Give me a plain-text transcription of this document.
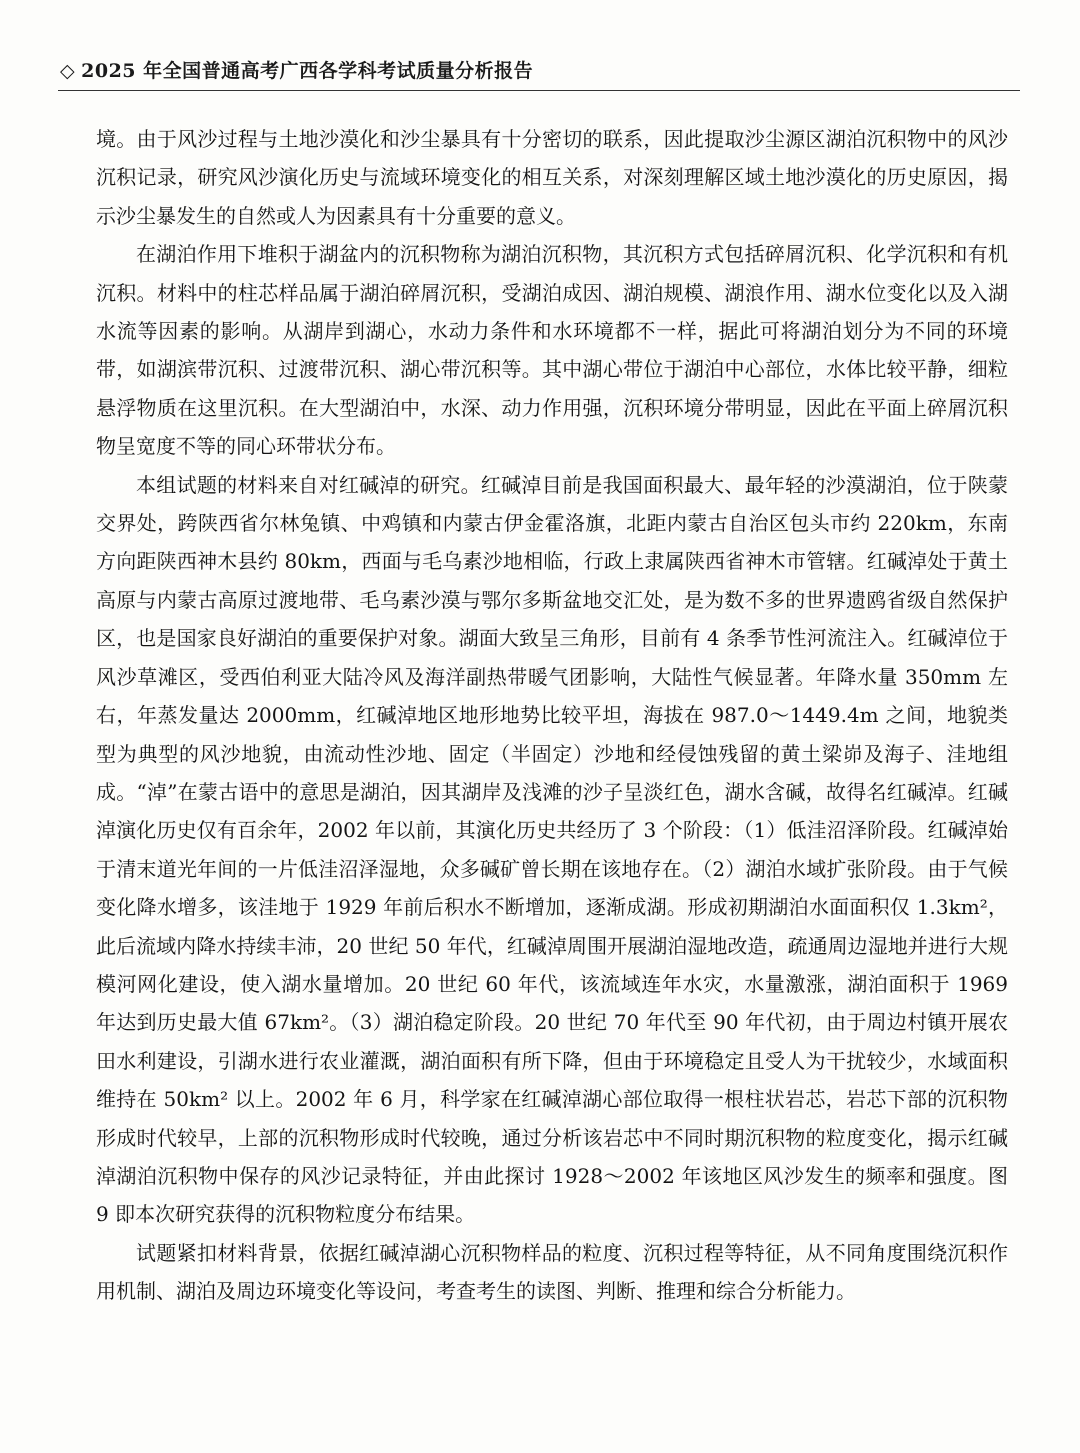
◇ 2025 年全国普通高考广西各学科考试质量分析报告

境。由于风沙过程与土地沙漠化和沙尘暴具有十分密切的联系，因此提取沙尘源区湖泊沉积物中的风沙沉积记录，研究风沙演化历史与流域环境变化的相互关系，对深刻理解区域土地沙漠化的历史原因，揭示沙尘暴发生的自然或人为因素具有十分重要的意义。

在湖泊作用下堆积于湖盆内的沉积物称为湖泊沉积物，其沉积方式包括碎屑沉积、化学沉积和有机沉积。材料中的柱芯样品属于湖泊碎屑沉积，受湖泊成因、湖泊规模、湖浪作用、湖水位变化以及入湖水流等因素的影响。从湖岸到湖心，水动力条件和水环境都不一样，据此可将湖泊划分为不同的环境带，如湖滨带沉积、过渡带沉积、湖心带沉积等。其中湖心带位于湖泊中心部位，水体比较平静，细粒悬浮物质在这里沉积。在大型湖泊中，水深、动力作用强，沉积环境分带明显，因此在平面上碎屑沉积物呈宽度不等的同心环带状分布。

本组试题的材料来自对红碱淖的研究。红碱淖目前是我国面积最大、最年轻的沙漠湖泊，位于陕蒙交界处，跨陕西省尔林兔镇、中鸡镇和内蒙古伊金霍洛旗，北距内蒙古自治区包头市约 220km，东南方向距陕西神木县约 80km，西面与毛乌素沙地相临，行政上隶属陕西省神木市管辖。红碱淖处于黄土高原与内蒙古高原过渡地带、毛乌素沙漠与鄂尔多斯盆地交汇处，是为数不多的世界遗鸥省级自然保护区，也是国家良好湖泊的重要保护对象。湖面大致呈三角形，目前有 4 条季节性河流注入。红碱淖位于风沙草滩区，受西伯利亚大陆冷风及海洋副热带暖气团影响，大陆性气候显著。年降水量 350mm 左右，年蒸发量达 2000mm，红碱淖地区地形地势比较平坦，海拔在 987.0～1449.4m 之间，地貌类型为典型的风沙地貌，由流动性沙地、固定（半固定）沙地和经侵蚀残留的黄土梁峁及海子、洼地组成。“淖”在蒙古语中的意思是湖泊，因其湖岸及浅滩的沙子呈淡红色，湖水含碱，故得名红碱淖。红碱淖演化历史仅有百余年，2002 年以前，其演化历史共经历了 3 个阶段：（1）低洼沼泽阶段。红碱淖始于清末道光年间的一片低洼沼泽湿地，众多碱矿曾长期在该地存在。（2）湖泊水域扩张阶段。由于气候变化降水增多，该洼地于 1929 年前后积水不断增加，逐渐成湖。形成初期湖泊水面面积仅 1.3km²，此后流域内降水持续丰沛，20 世纪 50 年代，红碱淖周围开展湖泊湿地改造，疏通周边湿地并进行大规模河网化建设，使入湖水量增加。20 世纪 60 年代，该流域连年水灾，水量激涨，湖泊面积于 1969 年达到历史最大值 67km²。（3）湖泊稳定阶段。20 世纪 70 年代至 90 年代初，由于周边村镇开展农田水利建设，引湖水进行农业灌溉，湖泊面积有所下降，但由于环境稳定且受人为干扰较少，水域面积维持在 50km² 以上。2002 年 6 月，科学家在红碱淖湖心部位取得一根柱状岩芯，岩芯下部的沉积物形成时代较早，上部的沉积物形成时代较晚，通过分析该岩芯中不同时期沉积物的粒度变化，揭示红碱淖湖泊沉积物中保存的风沙记录特征，并由此探讨 1928～2002 年该地区风沙发生的频率和强度。图 9 即本次研究获得的沉积物粒度分布结果。

试题紧扣材料背景，依据红碱淖湖心沉积物样品的粒度、沉积过程等特征，从不同角度围绕沉积作用机制、湖泊及周边环境变化等设问，考查考生的读图、判断、推理和综合分析能力。
